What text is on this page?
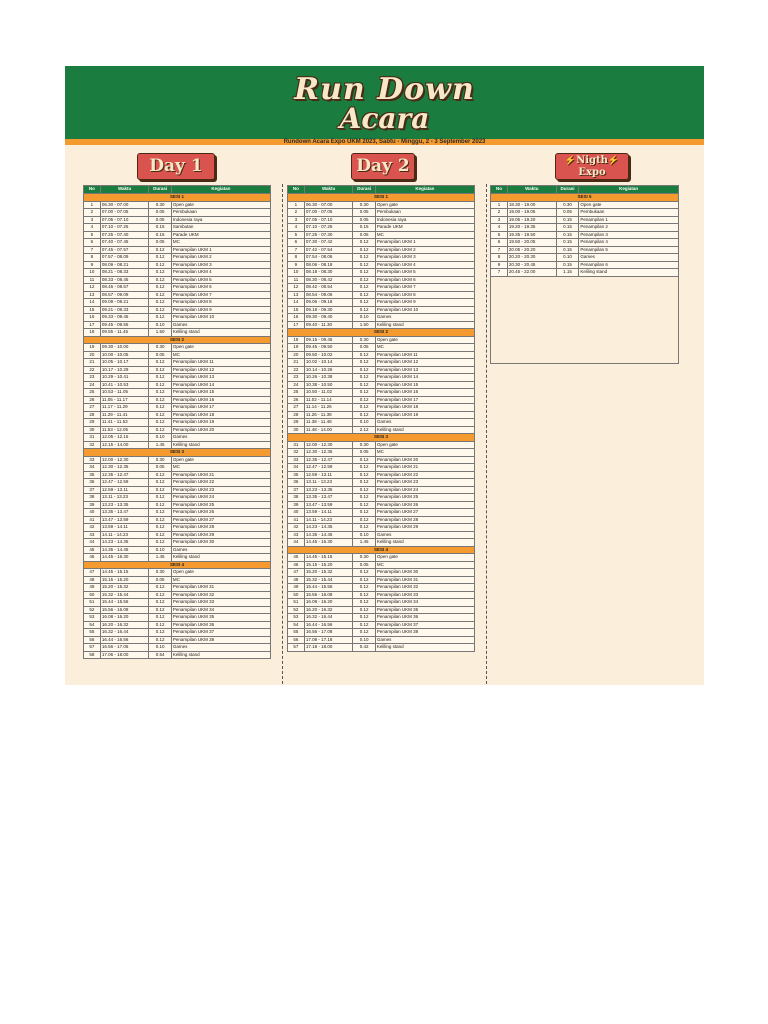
Run Down
Acara
Rundown Acara Expo UKM 2023, Sabtu - Minggu, 2 - 3 September 2023
Day 1	Day 2	⚡Nigth⚡
Expo
No	Waktu	Durasi	Kegiatan
SESI 1			
1	06.30 - 07.00	0.30	Open gate
2	07.00 - 07.05	0.05	Pembukaan
3	07.05 - 07.10	0.05	Indonesia raya
4	07.10 - 07.25	0.15	Sambutan
5	07.25 - 07.40	0.15	Parade UKM
6	07.40 - 07.45	0.05	MC
7	07.45 - 07.57	0.12	Penampilan UKM 1
8	07.57 - 08.09	0.12	Penampilan UKM 2
9	08.09 - 08.21	0.12	Penampilan UKM 3
10	08.21 - 08.33	0.12	Penampilan UKM 4
11	08.33 - 08.45	0.12	Penampilan UKM 5
12	08.45 - 08.57	0.12	Penampilan UKM 6
13	08.57 - 09.09	0.12	Penampilan UKM 7
14	09.09 - 09.21	0.12	Penampilan UKM 8
15	09.21 - 09.33	0.12	Penampilan UKM 9
16	09.33 - 09.45	0.12	Penampilan UKM 10
17	09.45 - 09.55	0.10	Games
18	09.55 - 11.45	1.50	Keliling stand
SESI 2			
19	09.30 - 10.00	0.30	Open gate
20	10.00 - 10.05	0.05	MC
21	10.05 - 10.17	0.12	Penampilan UKM 11
22	10.17 - 10.29	0.12	Penampilan UKM 12
23	10.29 - 10.41	0.12	Penampilan UKM 13
24	10.41 - 10.53	0.12	Penampilan UKM 14
25	10.53 - 11.05	0.12	Penampilan UKM 15
26	11.05 - 11.17	0.12	Penampilan UKM 16
27	11.17 - 11.29	0.12	Penampilan UKM 17
28	11.29 - 11.41	0.12	Penampilan UKM 18
29	11.41 - 11.53	0.12	Penampilan UKM 19
30	11.53 - 12.05	0.12	Penampilan UKM 20
31	12.05 - 12.15	0.10	Games
32	12.15 - 14.00	1.45	Keliling stand
SESI 3			
33	12.00 - 12.30	0.30	Open gate
34	12.30 - 12.35	0.05	MC
35	12.35 - 12.47	0.12	Penampilan UKM 21
36	12.47 - 12.59	0.12	Penampilan UKM 22
37	12.59 - 13.11	0.12	Penampilan UKM 23
38	13.11 - 13.23	0.12	Penampilan UKM 24
39	13.23 - 13.35	0.12	Penampilan UKM 25
40	13.35 - 13.47	0.12	Penampilan UKM 26
41	13.47 - 13.59	0.12	Penampilan UKM 27
42	13.59 - 14.11	0.12	Penampilan UKM 28
43	14.11 - 14.23	0.12	Penampilan UKM 29
44	14.23 - 14.35	0.12	Penampilan UKM 30
45	14.35 - 14.45	0.10	Games
46	14.45 - 16.30	1.45	Keliling stand
SESI 4			
47	14.45 - 15.15	0.30	Open gate
48	15.15 - 15.20	0.05	MC
49	15.20 - 15.32	0.12	Penampilan UKM 31
50	15.32 - 15.44	0.12	Penampilan UKM 32
51	15.44 - 15.56	0.12	Penampilan UKM 33
52	15.56 - 16.08	0.12	Penampilan UKM 34
53	16.08 - 16.20	0.12	Penampilan UKM 35
54	16.20 - 16.32	0.12	Penampilan UKM 36
55	16.32 - 16.44	0.12	Penampilan UKM 37
56	16.44 - 16.56	0.12	Penampilan UKM 38
57	16.56 - 17.06	0.10	Games
58	17.06 - 18.00	0.54	Keliling stand
No	Waktu	Durasi	Kegiatan
SESI 1			
1	06.30 - 07.00	0.30	Open gate
2	07.00 - 07.05	0.05	Pembukaan
3	07.05 - 07.10	0.05	Indonesia raya
4	07.10 - 07.25	0.15	Parade UKM
5	07.25 - 07.30	0.05	MC
6	07.30 - 07.42	0.12	Penampilan UKM 1
7	07.42 - 07.54	0.12	Penampilan UKM 2
8	07.54 - 08.06	0.12	Penampilan UKM 3
9	08.06 - 08.18	0.12	Penampilan UKM 4
10	08.18 - 08.30	0.12	Penampilan UKM 5
11	08.30 - 08.42	0.12	Penampilan UKM 6
12	08.42 - 08.54	0.12	Penampilan UKM 7
13	08.54 - 09.06	0.12	Penampilan UKM 8
14	09.06 - 09.18	0.12	Penampilan UKM 9
15	09.18 - 09.30	0.12	Penampilan UKM 10
16	09.30 - 09.40	0.10	Games
17	09.40 - 11.30	1.50	Keliling stand
SESI 2			
18	09.15 - 09.45	0.30	Open gate
19	09.45 - 09.50	0.05	MC
20	09.50 - 10.02	0.12	Penampilan UKM 11
21	10.02 - 10.14	0.12	Penampilan UKM 12
22	10.14 - 10.26	0.12	Penampilan UKM 13
23	10.26 - 10.38	0.12	Penampilan UKM 14
24	10.38 - 10.50	0.12	Penampilan UKM 15
25	10.50 - 11.02	0.12	Penampilan UKM 16
26	11.02 - 11.14	0.12	Penampilan UKM 17
27	11.14 - 11.26	0.12	Penampilan UKM 18
28	11.26 - 11.38	0.12	Penampilan UKM 19
29	11.38 - 11.48	0.10	Games
30	11.48 - 14.00	2.12	Keliling stand
SESI 3			
31	12.00 - 12.30	0.30	Open gate
32	12.30 - 12.35	0.05	MC
33	12.35 - 12.47	0.12	Penampilan UKM 20
34	12.47 - 12.59	0.12	Penampilan UKM 21
35	12.59 - 13.11	0.12	Penampilan UKM 22
36	13.11 - 13.23	0.12	Penampilan UKM 23
37	13.23 - 13.35	0.12	Penampilan UKM 24
38	13.35 - 13.47	0.12	Penampilan UKM 25
39	13.47 - 13.59	0.12	Penampilan UKM 26
40	13.59 - 14.11	0.12	Penampilan UKM 27
41	14.11 - 14.23	0.12	Penampilan UKM 28
42	14.23 - 14.35	0.12	Penampilan UKM 29
43	14.35 - 14.45	0.10	Games
44	14.45 - 16.30	1.45	Keliling stand
SESI 4			
45	14.45 - 15.15	0.30	Open gate
46	15.15 - 15.20	0.05	MC
47	15.20 - 15.32	0.12	Penampilan UKM 30
48	15.32 - 15.44	0.12	Penampilan UKM 31
49	15.44 - 15.56	0.12	Penampilan UKM 32
50	15.56 - 16.08	0.12	Penampilan UKM 33
51	16.08 - 16.20	0.12	Penampilan UKM 34
52	16.20 - 16.32	0.12	Penampilan UKM 35
53	16.32 - 16.44	0.12	Penampilan UKM 36
54	16.44 - 16.56	0.12	Penampilan UKM 37
55	16.56 - 17.08	0.12	Penampilan UKM 38
56	17.08 - 17.18	0.10	Games
57	17.18 - 18.00	0.42	Keliling stand
No	Waktu	Durasi	Kegiatan
SESI 5			
1	18.30 - 19.00	0.30	Open gate
2	19.00 - 19.05	0.05	Pembukaan
3	19.05 - 19.20	0.15	Penampilan 1
4	19.20 - 19.35	0.15	Penampilan 2
5	19.35 - 19.50	0.15	Penampilan 3
6	19.50 - 20.05	0.15	Penampilan 4
7	20.05 - 20.20	0.15	Penampilan 5
8	20.20 - 20.30	0.10	Games
9	20.30 - 20.45	0.15	Penampilan 6
7	20.45 - 22.00	1.15	Keliling stand
